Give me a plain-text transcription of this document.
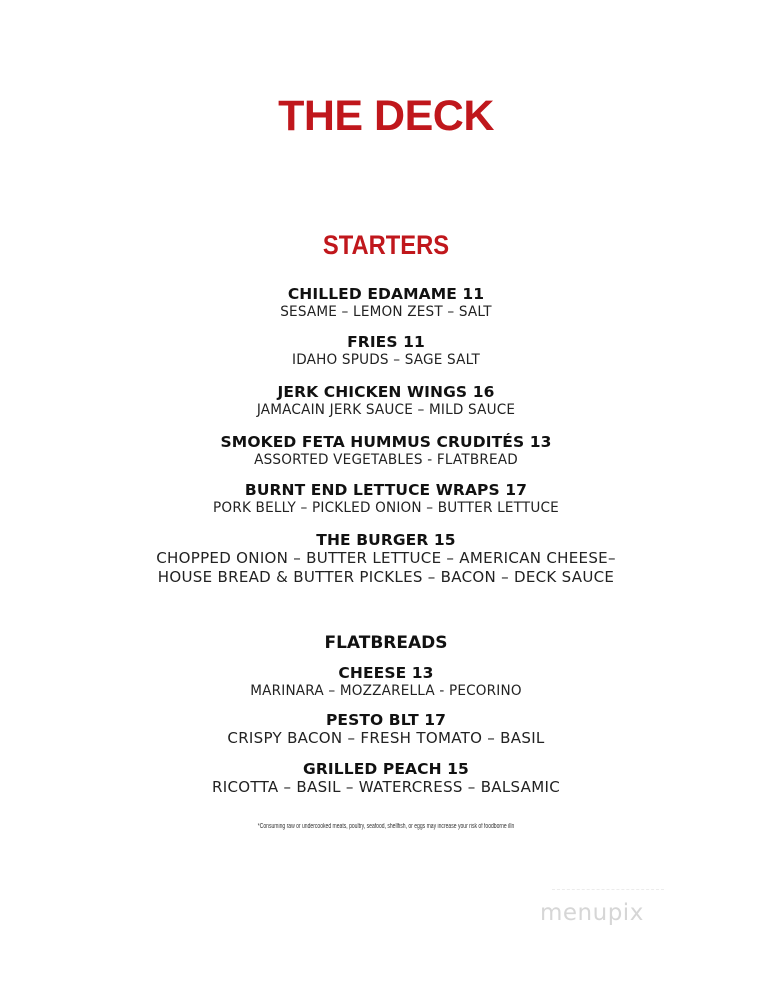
THE DECK
STARTERS
CHILLED EDAMAME 11
SESAME – LEMON ZEST – SALT
FRIES 11
IDAHO SPUDS – SAGE SALT
JERK CHICKEN WINGS 16
JAMACAIN JERK SAUCE – MILD SAUCE
SMOKED FETA HUMMUS CRUDITÉS 13
ASSORTED VEGETABLES - FLATBREAD
BURNT END LETTUCE WRAPS 17
PORK BELLY – PICKLED ONION – BUTTER LETTUCE
THE BURGER 15
CHOPPED ONION – BUTTER LETTUCE – AMERICAN CHEESE–
HOUSE BREAD & BUTTER PICKLES – BACON – DECK SAUCE
FLATBREADS
CHEESE 13
MARINARA – MOZZARELLA - PECORINO
PESTO BLT 17
CRISPY BACON – FRESH TOMATO – BASIL
GRILLED PEACH 15
RICOTTA – BASIL – WATERCRESS – BALSAMIC
*Consuming raw or undercooked meats, poultry, seafood, shellfish, or eggs may increase your risk of foodborne illn
menupix
